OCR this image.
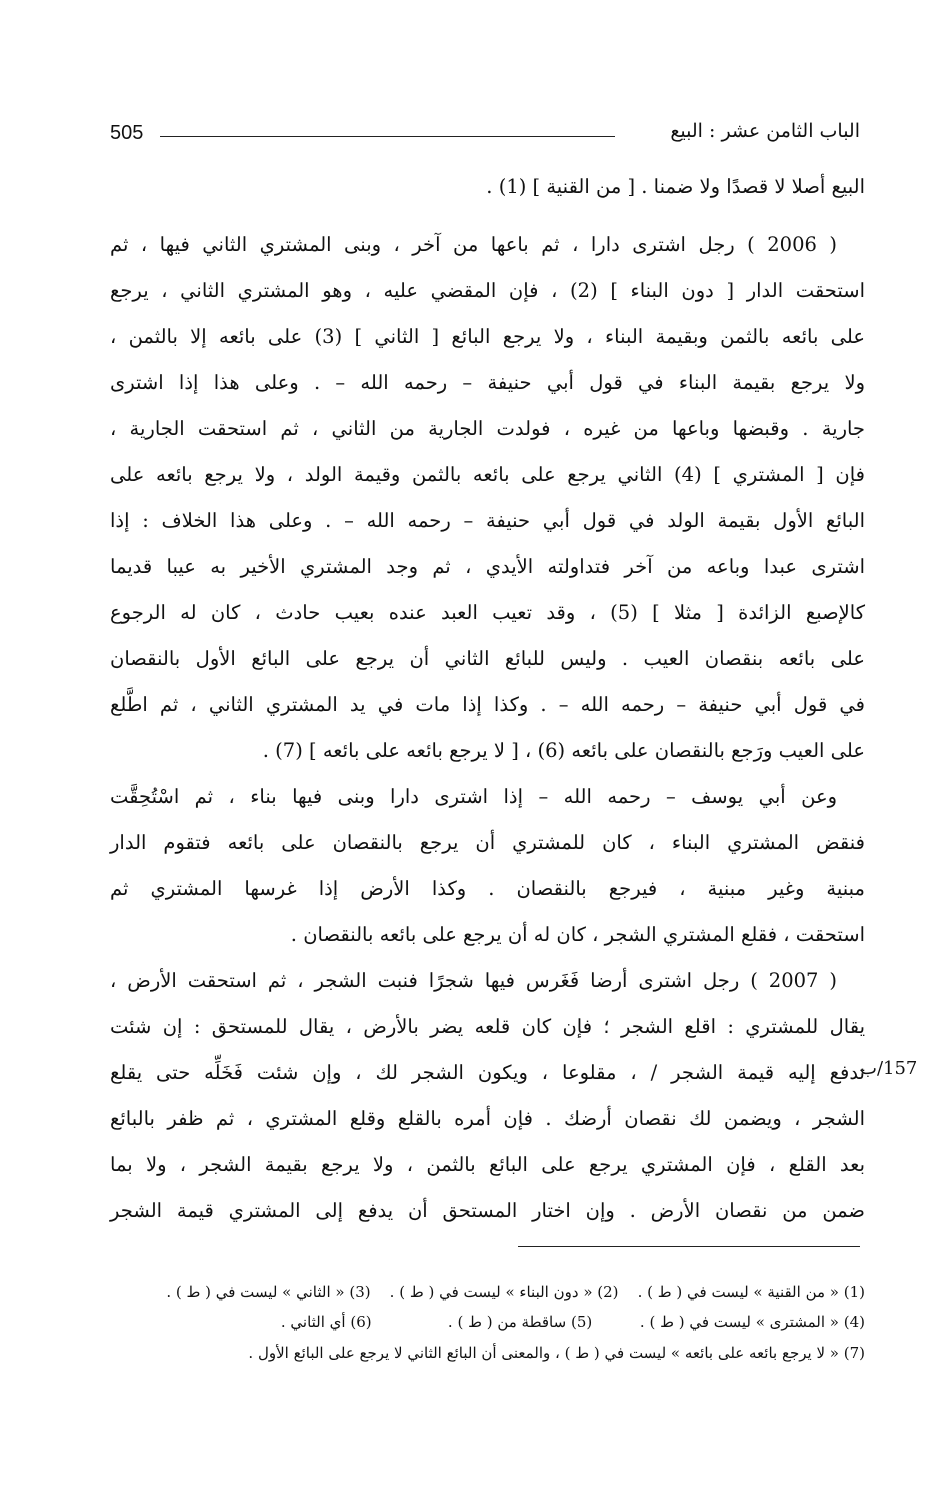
505	الباب الثامن عشر : البيع
البيع أصلا لا قصدًا ولا ضمنا . [ من القنية ] (1) .
( 2006 ) رجل اشترى دارا ، ثم باعها من آخر ، وبنى المشتري الثاني فيها ، ثم
استحقت الدار [ دون البناء ] (2) ، فإن المقضي عليه ، وهو المشتري الثاني ، يرجع
على بائعه بالثمن وبقيمة البناء ، ولا يرجع البائع [ الثاني ] (3) على بائعه إلا بالثمن ،
ولا يرجع بقيمة البناء في قول أبي حنيفة – رحمه الله – . وعلى هذا إذا اشترى
جارية . وقبضها وباعها من غيره ، فولدت الجارية من الثاني ، ثم استحقت الجارية ،
فإن [ المشتري ] (4) الثاني يرجع على بائعه بالثمن وقيمة الولد ، ولا يرجع بائعه على
البائع الأول بقيمة الولد في قول أبي حنيفة – رحمه الله – . وعلى هذا الخلاف : إذا
اشترى عبدا وباعه من آخر فتداولته الأيدي ، ثم وجد المشتري الأخير به عيبا قديما
كالإصبع الزائدة [ مثلا ] (5) ، وقد تعيب العبد عنده بعيب حادث ، كان له الرجوع
على بائعه بنقصان العيب . وليس للبائع الثاني أن يرجع على البائع الأول بالنقصان
في قول أبي حنيفة – رحمه الله – . وكذا إذا مات في يد المشتري الثاني ، ثم اطَّلع
على العيب ورَجع بالنقصان على بائعه (6) ، [ لا يرجع بائعه على بائعه ] (7) .
وعن أبي يوسف – رحمه الله – إذا اشترى دارا وبنى فيها بناء ، ثم اسْتُحِقَّت
فنقض المشتري البناء ، كان للمشتري أن يرجع بالنقصان على بائعه فتقوم الدار
مبنية وغير مبنية ، فيرجع بالنقصان . وكذا الأرض إذا غرسها المشتري ثم
استحقت ، فقلع المشتري الشجر ، كان له أن يرجع على بائعه بالنقصان .
( 2007 ) رجل اشترى أرضا فَغَرس فيها شجرًا فنبت الشجر ، ثم استحقت الأرض ،
يقال للمشتري : اقلع الشجر ؛ فإن كان قلعه يضر بالأرض ، يقال للمستحق : إن شئت
تدفع إليه قيمة الشجر / ، مقلوعا ، ويكون الشجر لك ، وإن شئت فَخَلِّه حتى يقلع
الشجر ، ويضمن لك نقصان أرضك . فإن أمره بالقلع وقلع المشتري ، ثم ظفر بالبائع
بعد القلع ، فإن المشتري يرجع على البائع بالثمن ، ولا يرجع بقيمة الشجر ، ولا بما
ضمن من نقصان الأرض . وإن اختار المستحق أن يدفع إلى المشتري قيمة الشجر
157/ب
(1) « من القنية » ليست في ( ط ) .    (2) « دون البناء » ليست في ( ط ) .    (3) « الثاني » ليست في ( ط ) .
(4) « المشترى » ليست في ( ط ) .          (5) ساقطة من ( ط ) .                (6) أي الثاني .
(7) « لا يرجع بائعه على بائعه » ليست في ( ط ) ، والمعنى أن البائع الثاني لا يرجع على البائع الأول .
